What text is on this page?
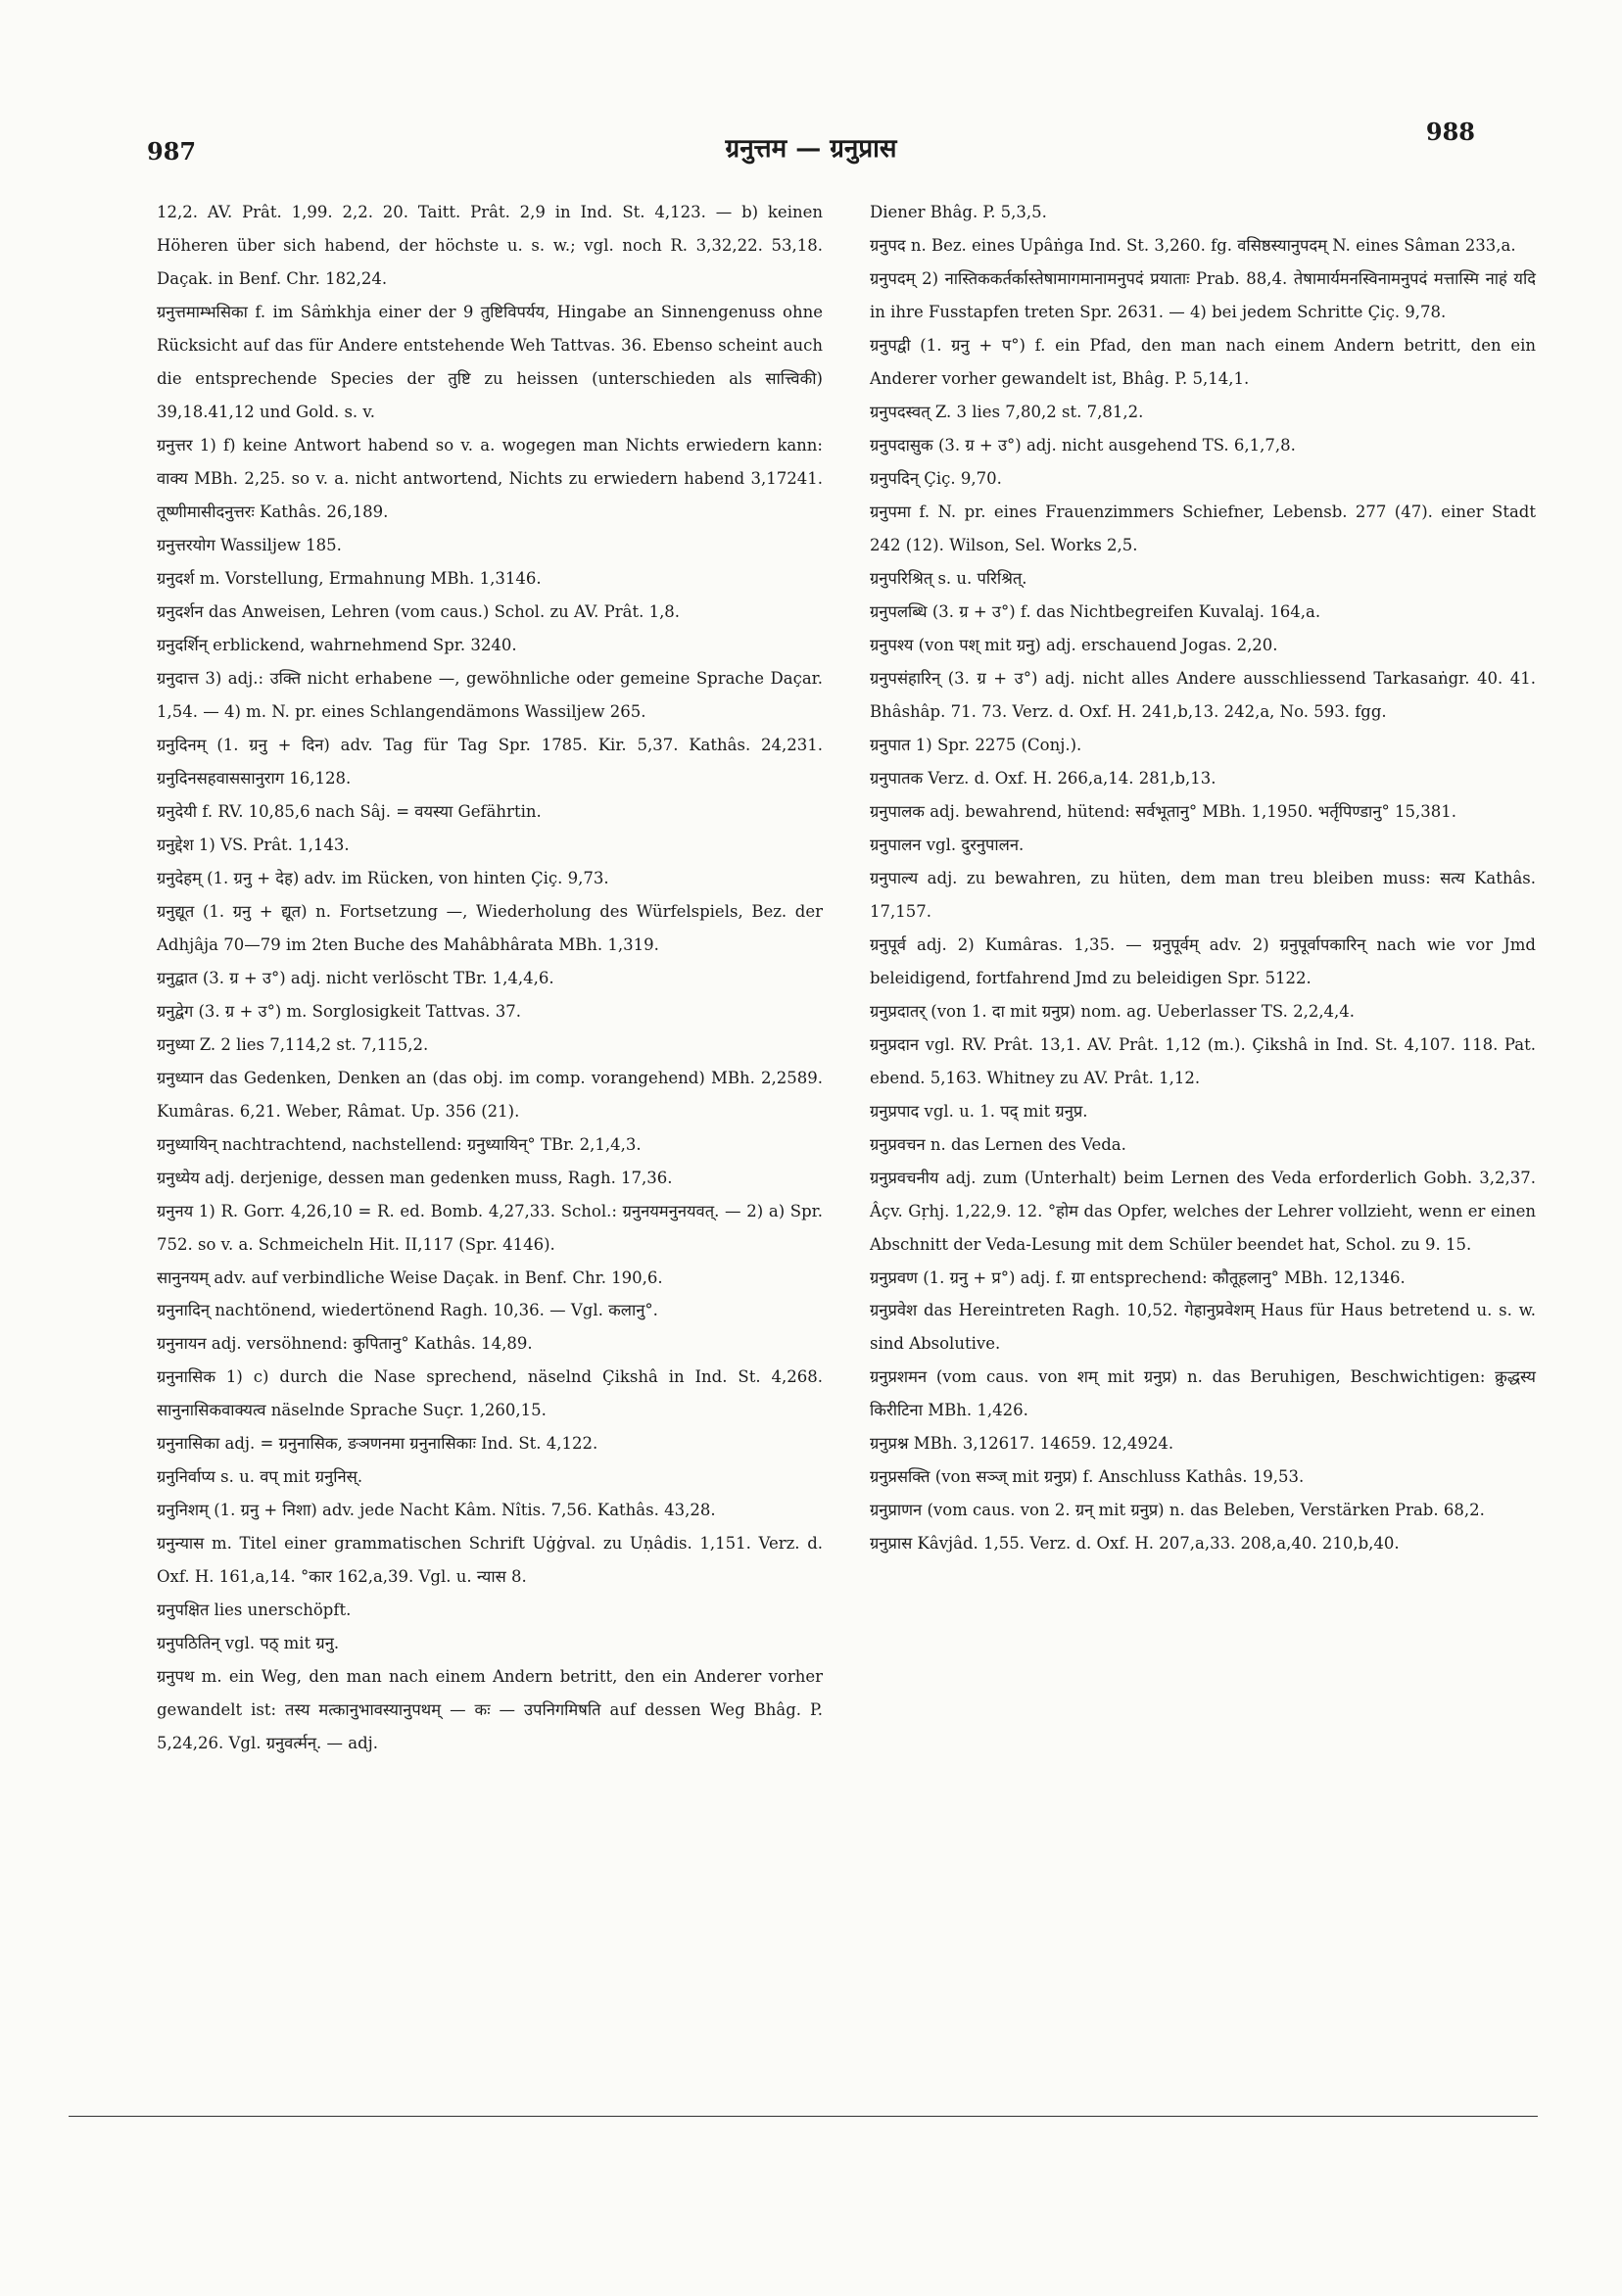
987	ग्रनुत्तम — ग्रनुप्रास
988

12,2. AV. Prât. 1,99. 2,2. 20. Taitt. Prât. 2,9 in Ind. St. 4,123. — b) keinen Höheren über sich habend, der höchste u. s. w.; vgl. noch R. 3,32,22. 53,18. Daçak. in Benf. Chr. 182,24.

ग्रनुत्तमाम्भसिका f. im Sâṁkhja einer der 9 तुष्टिविपर्यय, Hingabe an Sinnengenuss ohne Rücksicht auf das für Andere entstehende Weh Tattvas. 36. Ebenso scheint auch die entsprechende Species der तुष्टि zu heissen (unterschieden als सात्त्विकी) 39,18.41,12 und Gold. s. v.

ग्रनुत्तर 1) f) keine Antwort habend so v. a. wogegen man Nichts erwiedern kann: वाक्य MBh. 2,25. so v. a. nicht antwortend, Nichts zu erwiedern habend 3,17241. तूष्णीमासीदनुत्तरः Kathâs. 26,189.

ग्रनुत्तरयोग Wassiljew 185.

ग्रनुदर्श m. Vorstellung, Ermahnung MBh. 1,3146.

ग्रनुदर्शन das Anweisen, Lehren (vom caus.) Schol. zu AV. Prât. 1,8.

ग्रनुदर्शिन् erblickend, wahrnehmend Spr. 3240.

ग्रनुदात्त 3) adj.: उक्ति nicht erhabene —, gewöhnliche oder gemeine Sprache Daçar. 1,54. — 4) m. N. pr. eines Schlangendämons Wassiljew 265.

ग्रनुदिनम् (1. ग्रनु + दिन) adv. Tag für Tag Spr. 1785. Kir. 5,37. Kathâs. 24,231. ग्रनुदिनसहवाससानुराग 16,128.

ग्रनुदेयी f. RV. 10,85,6 nach Sâj. = वयस्या Gefährtin.

ग्रनुद्देश 1) VS. Prât. 1,143.

ग्रनुदेहम् (1. ग्रनु + देह) adv. im Rücken, von hinten Çiç. 9,73.

ग्रनुद्यूत (1. ग्रनु + द्यूत) n. Fortsetzung —, Wiederholung des Würfelspiels, Bez. der Adhjâja 70—79 im 2ten Buche des Mahâbhârata MBh. 1,319.

ग्रनुद्वात (3. ग्र + उ°) adj. nicht verlöscht TBr. 1,4,4,6.

ग्रनुद्वेग (3. ग्र + उ°) m. Sorglosigkeit Tattvas. 37.

ग्रनुध्या Z. 2 lies 7,114,2 st. 7,115,2.

ग्रनुध्यान das Gedenken, Denken an (das obj. im comp. vorangehend) MBh. 2,2589. Kumâras. 6,21. Weber, Râmat. Up. 356 (21).

ग्रनुध्यायिन् nachtrachtend, nachstellend: ग्रनुध्यायिन्° TBr. 2,1,4,3.

ग्रनुध्येय adj. derjenige, dessen man gedenken muss, Ragh. 17,36.

ग्रनुनय 1) R. Gorr. 4,26,10 = R. ed. Bomb. 4,27,33. Schol.: ग्रनुनयमनुनयवत्. — 2) a) Spr. 752. so v. a. Schmeicheln Hit. II,117 (Spr. 4146).

सानुनयम् adv. auf verbindliche Weise Daçak. in Benf. Chr. 190,6.

ग्रनुनादिन् nachtönend, wiedertönend Ragh. 10,36. — Vgl. कलानु°.

ग्रनुनायन adj. versöhnend: कुपितानु° Kathâs. 14,89.

ग्रनुनासिक 1) c) durch die Nase sprechend, näselnd Çikshâ in Ind. St. 4,268. सानुनासिकवाक्यत्व näselnde Sprache Suçr. 1,260,15.

ग्रनुनासिका adj. = ग्रनुनासिक, ङञणनमा ग्रनुनासिकाः Ind. St. 4,122.

ग्रनुनिर्वाप्य s. u. वप् mit ग्रनुनिस्.

ग्रनुनिशम् (1. ग्रनु + निशा) adv. jede Nacht Kâm. Nîtis. 7,56. Kathâs. 43,28.

ग्रनुन्यास m. Titel einer grammatischen Schrift Uġġval. zu Uṇâdis. 1,151. Verz. d. Oxf. H. 161,a,14. °कार 162,a,39. Vgl. u. न्यास 8.

ग्रनुपक्षित lies unerschöpft.

ग्रनुपठितिन् vgl. पठ् mit ग्रनु.

ग्रनुपथ m. ein Weg, den man nach einem Andern betritt, den ein Anderer vorher gewandelt ist: तस्य मत्कानुभावस्यानुपथम् — कः — उपनिगमिषति auf dessen Weg Bhâg. P. 5,24,26. Vgl. ग्रनुवर्त्मन्. — adj.

Diener Bhâg. P. 5,3,5.

ग्रनुपद n. Bez. eines Upâṅga Ind. St. 3,260. fg. वसिष्ठस्यानुपदम् N. eines Sâman 233,a.

ग्रनुपदम् 2) नास्तिककर्तर्कास्तेषामागमानामनुपदं प्रयाताः Prab. 88,4. तेषामार्यमनस्विनामनुपदं मत्तास्मि नाहं यदि in ihre Fusstapfen treten Spr. 2631. — 4) bei jedem Schritte Çiç. 9,78.

ग्रनुपद्वी (1. ग्रनु + प°) f. ein Pfad, den man nach einem Andern betritt, den ein Anderer vorher gewandelt ist, Bhâg. P. 5,14,1.

ग्रनुपदस्वत् Z. 3 lies 7,80,2 st. 7,81,2.

ग्रनुपदासुक (3. ग्र + उ°) adj. nicht ausgehend TS. 6,1,7,8.

ग्रनुपदिन् Çiç. 9,70.

ग्रनुपमा f. N. pr. eines Frauenzimmers Schiefner, Lebensb. 277 (47). einer Stadt 242 (12). Wilson, Sel. Works 2,5.

ग्रनुपरिश्रित् s. u. परिश्रित्.

ग्रनुपलब्धि (3. ग्र + उ°) f. das Nichtbegreifen Kuvalaj. 164,a.

ग्रनुपश्य (von पश् mit ग्रनु) adj. erschauend Jogas. 2,20.

ग्रनुपसंहारिन् (3. ग्र + उ°) adj. nicht alles Andere ausschliessend Tarkasaṅgr. 40. 41. Bhâshâp. 71. 73. Verz. d. Oxf. H. 241,b,13. 242,a, No. 593. fgg.

ग्रनुपात 1) Spr. 2275 (Conj.).

ग्रनुपातक Verz. d. Oxf. H. 266,a,14. 281,b,13.

ग्रनुपालक adj. bewahrend, hütend: सर्वभूतानु° MBh. 1,1950. भर्तृपिण्डानु° 15,381.

ग्रनुपालन vgl. दुरनुपालन.

ग्रनुपाल्य adj. zu bewahren, zu hüten, dem man treu bleiben muss: सत्य Kathâs. 17,157.

ग्रनुपूर्व adj. 2) Kumâras. 1,35. — ग्रनुपूर्वम् adv. 2) ग्रनुपूर्वापकारिन् nach wie vor Jmd beleidigend, fortfahrend Jmd zu beleidigen Spr. 5122.

ग्रनुप्रदातर् (von 1. दा mit ग्रनुप्र) nom. ag. Ueberlasser TS. 2,2,4,4.

ग्रनुप्रदान vgl. RV. Prât. 13,1. AV. Prât. 1,12 (m.). Çikshâ in Ind. St. 4,107. 118. Pat. ebend. 5,163. Whitney zu AV. Prât. 1,12.

ग्रनुप्रपाद vgl. u. 1. पद् mit ग्रनुप्र.

ग्रनुप्रवचन n. das Lernen des Veda.

ग्रनुप्रवचनीय adj. zum (Unterhalt) beim Lernen des Veda erforderlich Gobh. 3,2,37. Âçv. Gṛhj. 1,22,9. 12. °होम das Opfer, welches der Lehrer vollzieht, wenn er einen Abschnitt der Veda-Lesung mit dem Schüler beendet hat, Schol. zu 9. 15.

ग्रनुप्रवण (1. ग्रनु + प्र°) adj. f. ग्रा entsprechend: कौतूहलानु° MBh. 12,1346.

ग्रनुप्रवेश das Hereintreten Ragh. 10,52. गेहानुप्रवेशम् Haus für Haus betretend u. s. w. sind Absolutive.

ग्रनुप्रशमन (vom caus. von शम् mit ग्रनुप्र) n. das Beruhigen, Beschwichtigen: क्रुद्धस्य किरीटिना MBh. 1,426.

ग्रनुप्रश्न MBh. 3,12617. 14659. 12,4924.

ग्रनुप्रसक्ति (von सञ्ज् mit ग्रनुप्र) f. Anschluss Kathâs. 19,53.

ग्रनुप्राणन (vom caus. von 2. ग्रन् mit ग्रनुप्र) n. das Beleben, Verstärken Prab. 68,2.

ग्रनुप्रास Kâvjâd. 1,55. Verz. d. Oxf. H. 207,a,33. 208,a,40. 210,b,40.
